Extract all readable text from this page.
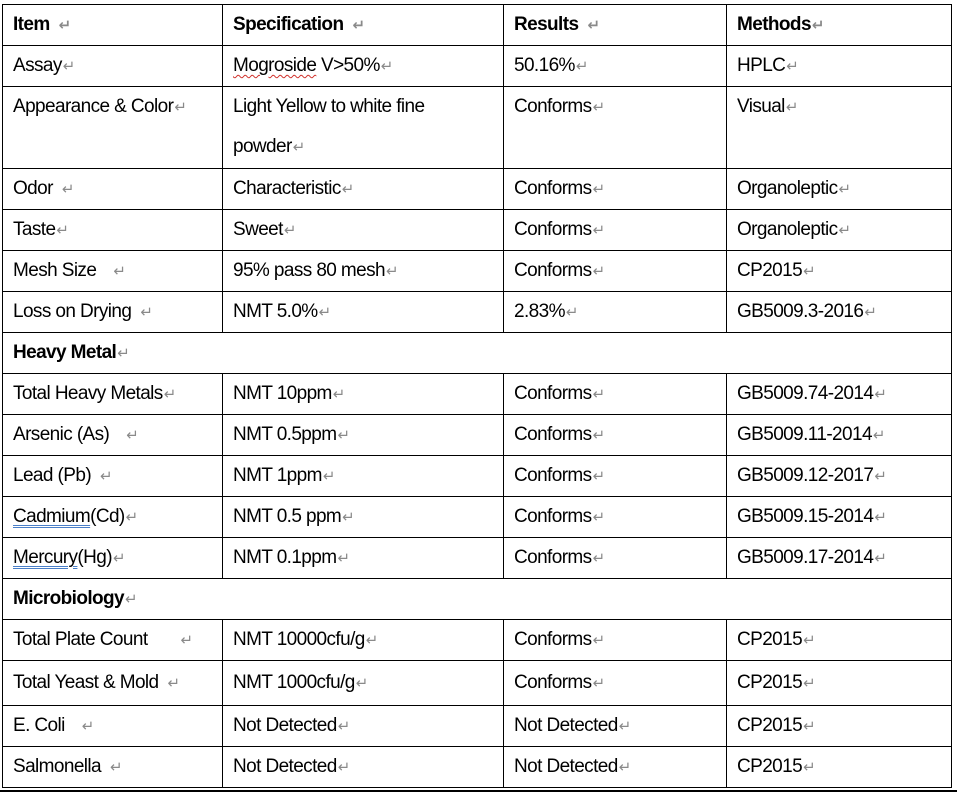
Item ↵	Specification ↵	Results ↵	Methods↵
Assay↵	Mogroside V>50%↵	50.16%↵	HPLC↵
Appearance & Color↵	Light Yellow to white fine powder↵	Conforms↵	Visual↵
Odor ↵	Characteristic↵	Conforms↵	Organoleptic↵
Taste↵	Sweet↵	Conforms↵	Organoleptic↵
Mesh Size ↵	95% pass 80 mesh↵	Conforms↵	CP2015↵
Loss on Drying ↵	NMT 5.0%↵	2.83%↵	GB5009.3-2016↵
Heavy Metal↵			
Total Heavy Metals↵	NMT 10ppm↵	Conforms↵	GB5009.74-2014↵
Arsenic (As) ↵	NMT 0.5ppm↵	Conforms↵	GB5009.11-2014↵
Lead (Pb) ↵	NMT 1ppm↵	Conforms↵	GB5009.12-2017↵
Cadmium(Cd)↵	NMT 0.5 ppm↵	Conforms↵	GB5009.15-2014↵
Mercury(Hg)↵	NMT 0.1ppm↵	Conforms↵	GB5009.17-2014↵
Microbiology↵			
Total Plate Count ↵	NMT 10000cfu/g↵	Conforms↵	CP2015↵
Total Yeast & Mold ↵	NMT 1000cfu/g↵	Conforms↵	CP2015↵
E. Coli ↵	Not Detected↵	Not Detected↵	CP2015↵
Salmonella ↵	Not Detected↵	Not Detected↵	CP2015↵
